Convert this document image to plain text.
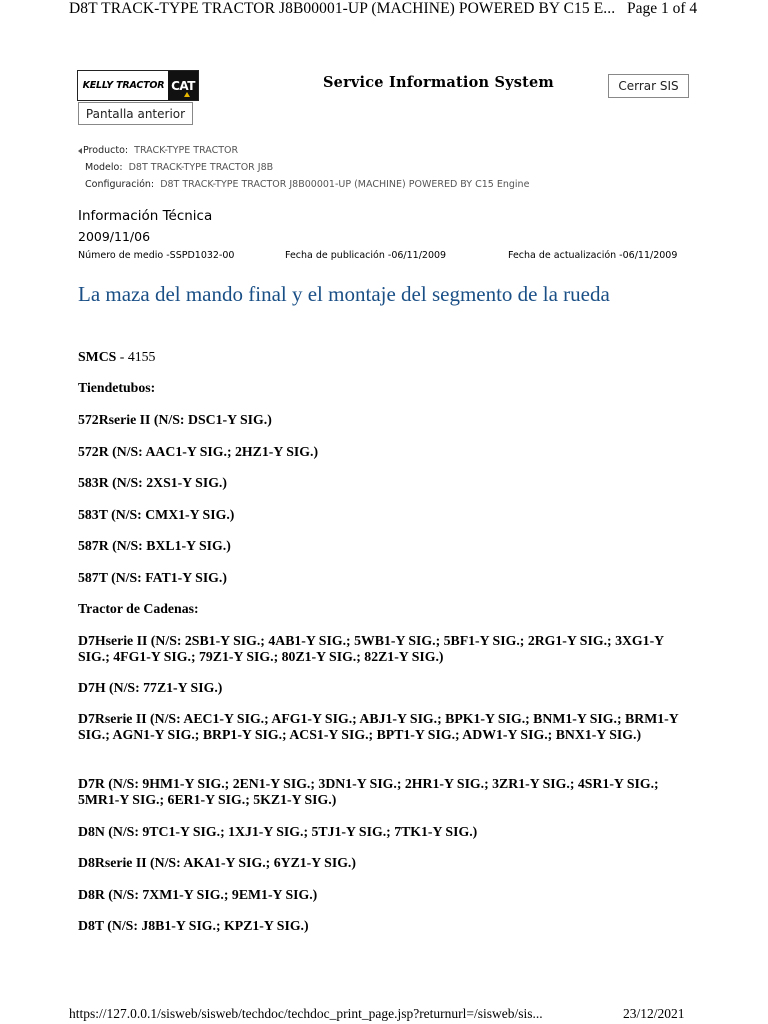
D8T TRACK-TYPE TRACTOR J8B00001-UP (MACHINE) POWERED BY C15 E... Page 1 of 4
KELLY TRACTOR CAT	Service Information System	Cerrar SIS
Pantalla anterior
Producto: TRACK-TYPE TRACTOR
Modelo: D8T TRACK-TYPE TRACTOR J8B
Configuración: D8T TRACK-TYPE TRACTOR J8B00001-UP (MACHINE) POWERED BY C15 Engine
Información Técnica
2009/11/06
Número de medio -SSPD1032-00	Fecha de publicación -06/11/2009	Fecha de actualización -06/11/2009
La maza del mando final y el montaje del segmento de la rueda
SMCS - 4155
Tiendetubos:
572Rserie II (N/S: DSC1-Y SIG.)
572R (N/S: AAC1-Y SIG.; 2HZ1-Y SIG.)
583R (N/S: 2XS1-Y SIG.)
583T (N/S: CMX1-Y SIG.)
587R (N/S: BXL1-Y SIG.)
587T (N/S: FAT1-Y SIG.)
Tractor de Cadenas:
D7Hserie II (N/S: 2SB1-Y SIG.; 4AB1-Y SIG.; 5WB1-Y SIG.; 5BF1-Y SIG.; 2RG1-Y SIG.; 3XG1-Y SIG.; 4FG1-Y SIG.; 79Z1-Y SIG.; 80Z1-Y SIG.; 82Z1-Y SIG.)
D7H (N/S: 77Z1-Y SIG.)
D7Rserie II (N/S: AEC1-Y SIG.; AFG1-Y SIG.; ABJ1-Y SIG.; BPK1-Y SIG.; BNM1-Y SIG.; BRM1-Y SIG.; AGN1-Y SIG.; BRP1-Y SIG.; ACS1-Y SIG.; BPT1-Y SIG.; ADW1-Y SIG.; BNX1-Y SIG.)
D7R (N/S: 9HM1-Y SIG.; 2EN1-Y SIG.; 3DN1-Y SIG.; 2HR1-Y SIG.; 3ZR1-Y SIG.; 4SR1-Y SIG.; 5MR1-Y SIG.; 6ER1-Y SIG.; 5KZ1-Y SIG.)
D8N (N/S: 9TC1-Y SIG.; 1XJ1-Y SIG.; 5TJ1-Y SIG.; 7TK1-Y SIG.)
D8Rserie II (N/S: AKA1-Y SIG.; 6YZ1-Y SIG.)
D8R (N/S: 7XM1-Y SIG.; 9EM1-Y SIG.)
D8T (N/S: J8B1-Y SIG.; KPZ1-Y SIG.)
https://127.0.0.1/sisweb/sisweb/techdoc/techdoc_print_page.jsp?returnurl=/sisweb/sis...	23/12/2021
